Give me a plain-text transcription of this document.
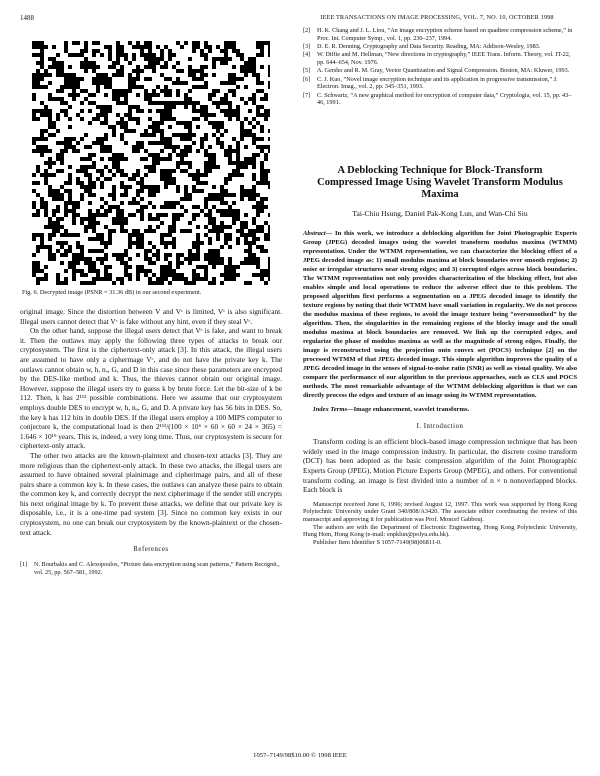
1488	IEEE TRANSACTIONS ON IMAGE PROCESSING, VOL. 7, NO. 10, OCTOBER 1998
Fig. 6. Decrypted image (PSNR = 31.36 dB) in our second experiment.

original image. Since the distortion between V and Vᶜ is limited, Vᶜ is also significant. Illegal users cannot detect that Vᶜ is fake without any hint, even if they steal Vᶜ.

On the other hand, suppose the illegal users detect that Vᶜ is fake, and want to break it. Then the outlaws may apply the following three types of attacks to break our cryptosystem. The first is the ciphertext-only attack [3]. In this attack, the illegal users are assumed to have only a ciphermage Vᶜ, and do not have the private key k. The outlaws cannot obtain w, h, nₒ, G, and D in this case since these parameters are encrypted by the DES-like method and k. Thus, the thieves cannot obtain our original image. However, suppose the illegal users try to guess k by brute force. Let the bit-size of k be 112. Then, k has 2¹¹² possible combinations. Here we assume that our cryptosystem employs double DES to encrypt w, h, nₒ, G, and D. A private key has 56 bits in DES. So, the key k has 112 bits in double DES. If the illegal users employ a 100 MIPS computer to conjecture k, the computational load is then 2¹¹²/(100 × 10⁶ × 60 × 60 × 24 × 365) = 1.646 × 10¹⁹ years. This is, indeed, a very long time. Thus, our cryptosystem is secure for ciphertext-only attack.

The other two attacks are the known-plaintext and chosen-text attacks [3]. They are more religious than the ciphertext-only attack. In these two attacks, the illegal users are assumed to have obtained several plainimage and cipherimage pairs, and all of these pairs share a common key k. In these cases, the outlaws can analyze these pairs to obtain the common key k, and correctly decrypt the next cipherimage if the sender still encrypts his next original image by k. To prevent these attacks, we define that our private key is disposable, i.e., it is a one-time pad system [3]. Since no common key exists in our cryptosystem, no one can break our cryptosystem by the known-plaintext or the chosen-text attack.

References
[1]	N. Bourbakis and C. Alexopoulos, “Picture data encryption using scan patterns,” Pattern Recognit., vol. 25, pp. 567–581, 1992.
[2]	H. K. Chang and J. L. Liou, “An image encryption scheme based on quadtree compression scheme,” in Proc. Int. Computer Symp., vol. 1, pp. 230–237, 1994.
[3]	D. E. R. Denning, Cryptography and Data Security. Reading, MA: Addison-Wesley, 1983.
[4]	W. Diffie and M. Hellman, “New directions in cryptography,” IEEE Trans. Inform. Theory, vol. IT-22, pp. 644–654, Nov. 1976.
[5]	A. Gersho and R. M. Gray, Vector Quantization and Signal Compression. Boston, MA: Kluwer, 1993.
[6]	C. J. Kuo, “Novel image encryption technique and its application in progressive transmission,” J. Electron. Imag., vol. 2, pp. 345–351, 1993.
[7]	C. Schwartz, “A new graphical method for encryption of computer data,” Cryptologia, vol. 15, pp. 43–46, 1991.
A Deblocking Technique for Block-Transform Compressed Image Using Wavelet Transform Modulus Maxima
Tai-Chiu Hsung, Daniel Pak-Kong Lun, and Wan-Chi Siu
Abstract— In this work, we introduce a deblocking algorithm for Joint Photographic Experts Group (JPEG) decoded images using the wavelet transform modulus maxima (WTMM) representation. Under the WTMM representation, we can characterize the blocking effect of a JPEG decoded image as: 1) small modulus maxima at block boundaries over smooth regions; 2) noise or irregular structures near strong edges; and 3) corrupted edges across block boundaries. The WTMM representation not only provides characterization of the blocking effect, but also enables simple and local operations to reduce the adverse effect due to this problem. The proposed algorithm first performs a segmentation on a JPEG decoded image to identify the texture regions by noting that their WTMM have small variation in regularity. We do not process the modulus maxima of these regions, to avoid the image texture being “oversmoothed” by the algorithm. Then, the singularities in the remaining regions of the blocky image and the small modulus maxima at block boundaries are removed. We link up the corrupted edges, and regularize the phase of modulus maxima as well as the magnitude of strong edges. Finally, the image is reconstructed using the projection onto convex set (POCS) technique [2] on the processed WTMM of that JPEG decoded image. This simple algorithm improves the quality of a JPEG decoded image in the senses of signal-to-noise ratio (SNR) as well as visual quality. We also compare the performance of our algorithm to the previous approaches, such as CLS and POCS methods. The most remarkable advantage of the WTMM deblocking algorithm is that we can directly process the edges and texture of an image using its WTMM representation.
Index Terms—Image enhancement, wavelet transforms.
I. Introduction

Transform coding is an efficient block-based image compression technique that has been widely used in the image compression industry. In particular, the discrete cosine transform (DCT) has been adopted as the basic compression algorithm of the Joint Photographic Experts Group (JPEG), Motion Picture Experts Group (MPEG), and others. For conventional transform coding, an image is first divided into a number of n × n nonoverlapped blocks. Each block is

Manuscript received June 6, 1996; revised August 12, 1997. This work was supported by Hong Kong Polytechnic University under Grant 340/808/A3420. The associate editor coordinating the review of this manuscript and approving it for publication was Prof. Moncef Gabbouj.

The authors are with the Department of Electronic Engineering, Hong Kong Polytechnic University, Hung Hom, Hong Kong (e-mail: enpklun@polyu.edu.hk).

Publisher Item Identifier S 1057-7149(98)06811-0.

1057–7149/98$10.00 © 1998 IEEE
